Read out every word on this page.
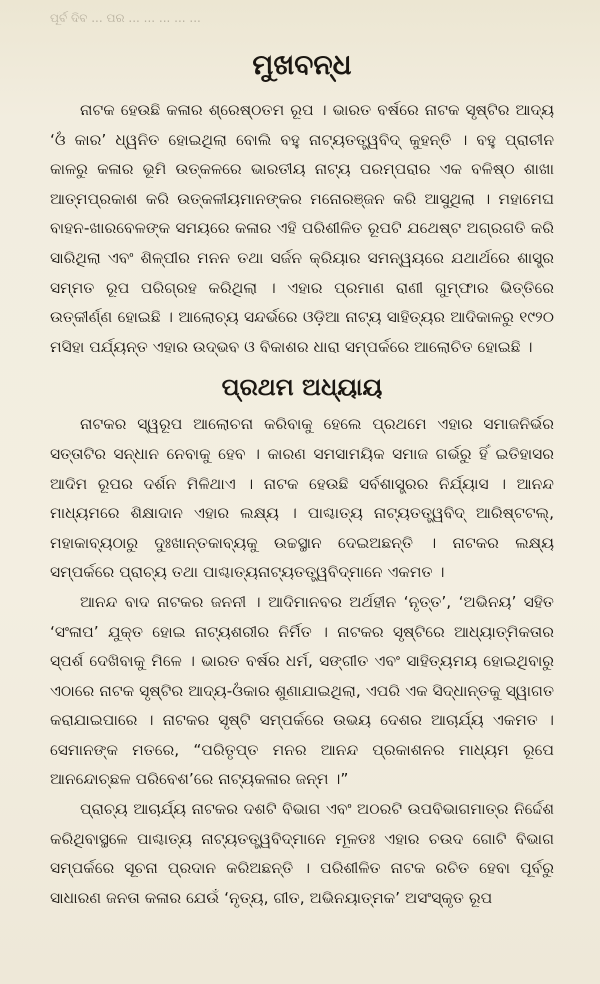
ପୂର୍ବ ଦିବ ... ପର ... ... ... ... ...
ମୁଖବନ୍ଧ

ନାଟକ ହେଉଛି କଳାର ଶ୍ରେଷ୍ଠତମ ରୂପ । ଭାରତ ବର୍ଷରେ ନାଟକ ସୃଷ୍ଟିର ଆଦ୍ୟ ‘ଓଁ କାର’ ଧ୍ୱନିତ ହୋଇଥିଲା ବୋଲି ବହୁ ନାଟ୍ୟତତ୍ତ୍ୱବିଦ୍ କୁହନ୍ତି । ବହୁ ପ୍ରାଚୀନ କାଳରୁ କଳାର ଭୂମି ଉତ୍କଳରେ ଭାରତୀୟ ନାଟ୍ୟ ପରମ୍ପରାର ଏକ ବଳିଷ୍ଠ ଶାଖା ଆତ୍ମପ୍ରକାଶ କରି ଉତ୍କଳୀୟମାନଙ୍କର ମନୋରଞ୍ଜନ କରି ଆସୁଥିଲା । ମହାମେଘ ବାହନ-ଖାରବେଳଙ୍କ ସମୟରେ କଳାର ଏହି ପରିଶୀଳିତ ରୂପଟି ଯଥେଷ୍ଟ ଅଗ୍ରଗତି କରି ସାରିଥିଲା ଏବଂ ଶିଳ୍ପୀର ମନନ ତଥା ସର୍ଜନ କ୍ରିୟାର ସମନ୍ୱୟରେ ଯଥାର୍ଥରେ ଶାସ୍ତ୍ର ସମ୍ମତ ରୂପ ପରିଗ୍ରହ କରିଥିଲା । ଏହାର ପ୍ରମାଣ ରାଣୀ ଗୁମ୍ଫାର ଭିତ୍ତିରେ ଉତ୍କୀର୍ଣ୍ଣ ହୋଇଛି । ଆଲୋଚ୍ୟ ସନ୍ଦର୍ଭରେ ଓଡ଼ିଆ ନାଟ୍ୟ ସାହିତ୍ୟର ଆଦିକାଳରୁ ୧୯୨୦ ମସିହା ପର୍ଯ୍ୟନ୍ତ ଏହାର ଉଦ୍ଭବ ଓ ବିକାଶର ଧାରା ସମ୍ପର୍କରେ ଆଲୋଚିତ ହୋଇଛି ।

ପ୍ରଥମ ଅଧ୍ୟାୟ

ନାଟକର ସ୍ୱରୂପ ଆଲୋଚନା କରିବାକୁ ହେଲେ ପ୍ରଥମେ ଏହାର ସମାଜନିର୍ଭର ସତ୍ତାଟିର ସନ୍ଧାନ ନେବାକୁ ହେବ । କାରଣ ସମସାମୟିକ ସମାଜ ଗର୍ଭରୁ ହିଁ ଇତିହାସର ଆଦିମ ରୂପର ଦର୍ଶନ ମିଳିଥାଏ । ନାଟକ ହେଉଛି ସର୍ବଶାସ୍ତ୍ରର ନିର୍ଯ୍ୟାସ । ଆନନ୍ଦ ମାଧ୍ୟମରେ ଶିକ୍ଷାଦାନ ଏହାର ଲକ୍ଷ୍ୟ । ପାଶ୍ଚାତ୍ୟ ନାଟ୍ୟତତ୍ତ୍ୱବିଦ୍ ଆରିଷ୍ଟଟଲ୍, ମହାକାବ୍ୟଠାରୁ ଦୁଃଖାନ୍ତକାବ୍ୟକୁ ଉଚ୍ଚସ୍ଥାନ ଦେଇଅଛନ୍ତି । ନାଟକର ଲକ୍ଷ୍ୟ ସମ୍ପର୍କରେ ପ୍ରାଚ୍ୟ ତଥା ପାଶ୍ଚାତ୍ୟନାଟ୍ୟତତ୍ତ୍ୱବିଦ୍‌ମାନେ ଏକମତ ।

ଆନନ୍ଦ ବାଦ ନାଟକର ଜନନୀ । ଆଦିମାନବର ଅର୍ଥହୀନ ‘ନୃତ୍ତ’, ‘ଅଭିନୟ’ ସହିତ ‘ସଂଳାପ’ ଯୁକ୍ତ ହୋଇ ନାଟ୍ୟଶରୀର ନିର୍ମିତ । ନାଟକର ସୃଷ୍ଟିରେ ଆଧ୍ୟାତ୍ମିକତାର ସ୍ପର୍ଶ ଦେଖିବାକୁ ମିଳେ । ଭାରତ ବର୍ଷର ଧର୍ମ, ସଙ୍ଗୀତ ଏବଂ ସାହିତ୍ୟମୟ ହୋଇଥିବାରୁ ଏଠାରେ ନାଟକ ସୃଷ୍ଟିର ଆଦ୍ୟ-ଓଁକାର ଶୁଣାଯାଇଥିଲା, ଏପରି ଏକ ସିଦ୍ଧାନ୍ତକୁ ସ୍ୱାଗତ କରାଯାଇପାରେ । ନାଟକର ସୃଷ୍ଟି ସମ୍ପର୍କରେ ଉଭୟ ଦେଶର ଆଚାର୍ଯ୍ୟ ଏକମତ । ସେମାନଙ୍କ ମତରେ, “ପରିତୃପ୍ତ ମନର ଆନନ୍ଦ ପ୍ରକାଶନର ମାଧ୍ୟମ ରୂପେ ଆନନ୍ଦୋଚ୍ଛଳ ପରିବେଶ’ରେ ନାଟ୍ୟକଳାର ଜନ୍ମ ।”

ପ୍ରାଚ୍ୟ ଆଚାର୍ଯ୍ୟ ନାଟକର ଦଶଟି ବିଭାଗ ଏବଂ ଅଠରଟି ଉପବିଭାଗମାତ୍ର ନିର୍ଦ୍ଦେଶ କରିଥିବାସ୍ଥଳେ ପାଶ୍ଚାତ୍ୟ ନାଟ୍ୟତତ୍ତ୍ୱବିଦ୍‌ମାନେ ମୂଳତଃ ଏହାର ଚଉଦ ଗୋଟି ବିଭାଗ ସମ୍ପର୍କରେ ସୂଚନା ପ୍ରଦାନ କରିଅଛନ୍ତି । ପରିଶୀଳିତ ନାଟକ ରଚିତ ହେବା ପୂର୍ବରୁ ସାଧାରଣ ଜନତା କଳାର ଯେଉଁ ‘ନୃତ୍ୟ, ଗୀତ, ଅଭିନୟାତ୍ମକ’ ଅସଂସ୍କୃତ ରୂପ
